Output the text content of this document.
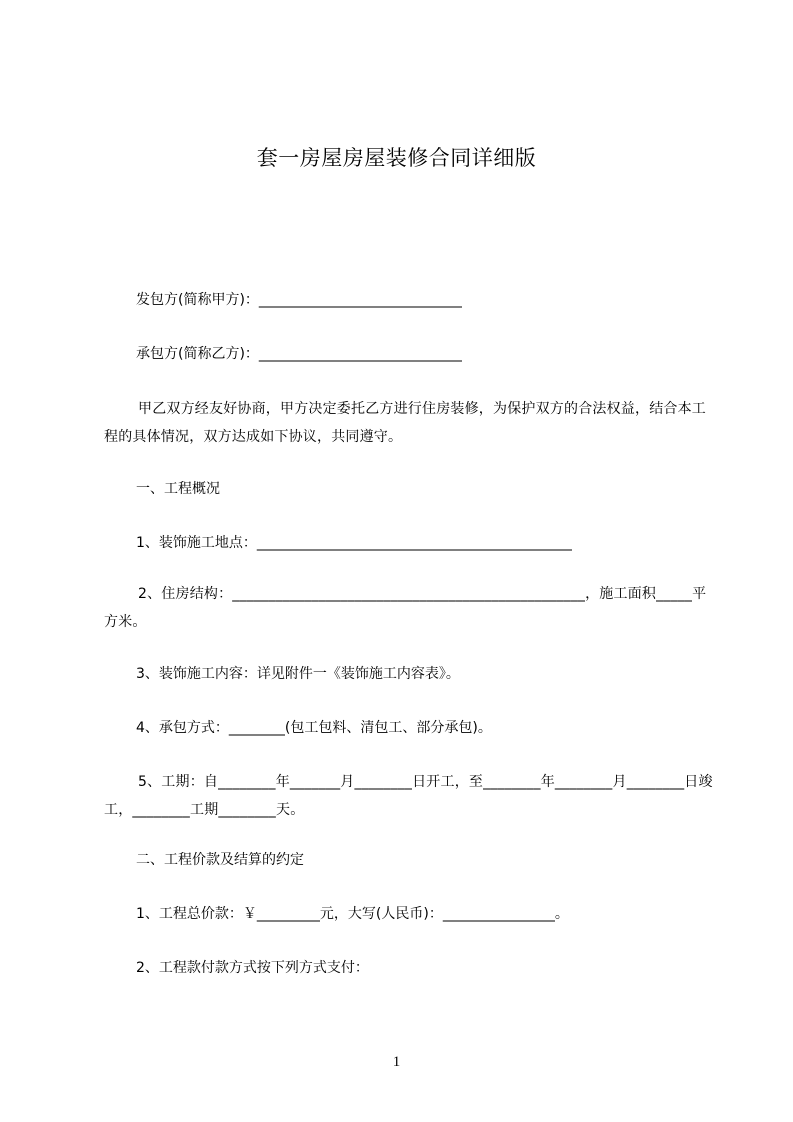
套一房屋房屋装修合同详细版
发包方(简称甲方)：_____________________________
承包方(简称乙方)：_____________________________
甲乙双方经友好协商，甲方决定委托乙方进行住房装修，为保护双方的合法权益，结合本工程的具体情况，双方达成如下协议，共同遵守。
一、工程概况
1、装饰施工地点：_____________________________________________
2、住房结构：_________________________________________________，施工面积_____平方米。
3、装饰施工内容：详见附件一《装饰施工内容表》。
4、承包方式：________(包工包料、清包工、部分承包)。
5、工期：自________年_______月________日开工，至________年________月________日竣工，________工期________天。
二、工程价款及结算的约定
1、工程总价款：￥_________元，大写(人民币)：________________。
2、工程款付款方式按下列方式支付：
1
